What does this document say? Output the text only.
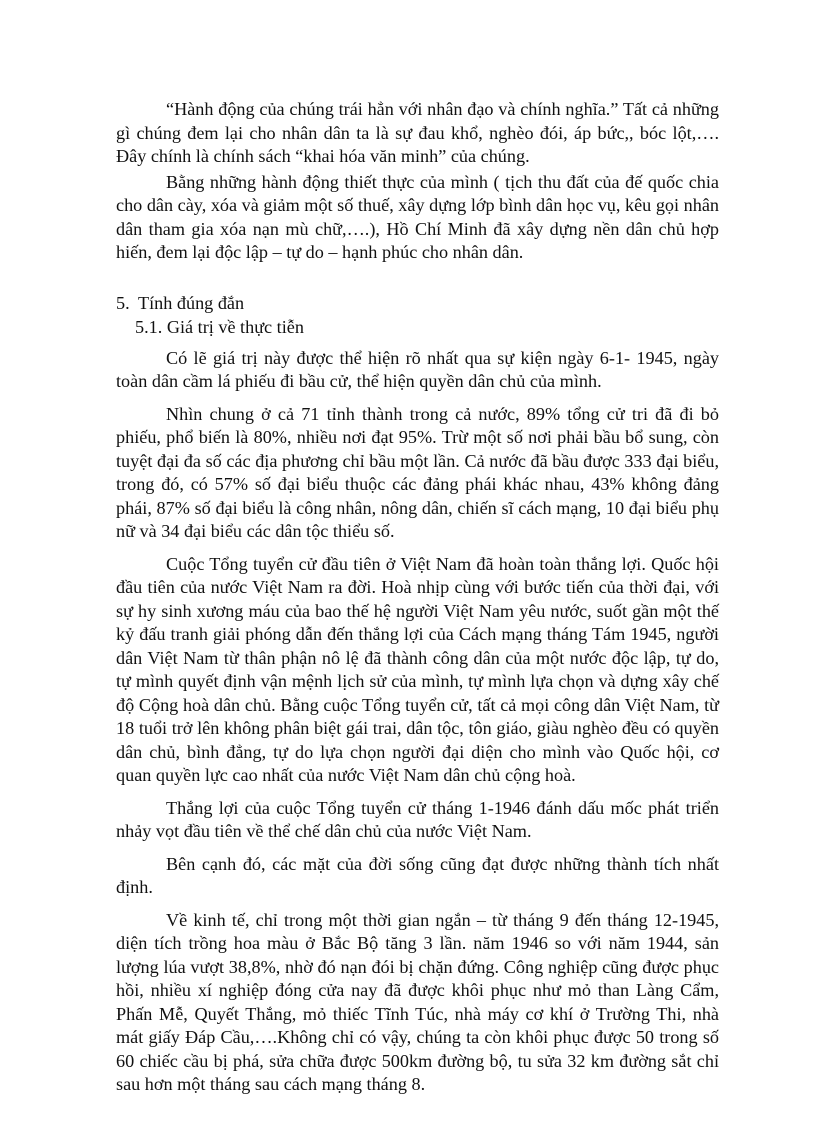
“Hành động của chúng trái hẳn với nhân đạo và chính nghĩa.” Tất cả những gì chúng đem lại cho nhân dân ta là sự đau khổ, nghèo đói, áp bức,, bóc lột,…. Đây chính là chính sách “khai hóa văn minh” của chúng.

Bằng những hành động thiết thực của mình ( tịch thu đất của đế quốc chia cho dân cày, xóa và giảm một số thuế, xây dựng lớp bình dân học vụ, kêu gọi nhân dân tham gia xóa nạn mù chữ,….), Hồ Chí Minh đã xây dựng nền dân chủ hợp hiến, đem lại độc lập – tự do – hạnh phúc cho nhân dân.

5. Tính đúng đắn

5.1. Giá trị về thực tiễn

Có lẽ giá trị này được thể hiện rõ nhất qua sự kiện ngày 6-1- 1945, ngày toàn dân cầm lá phiếu đi bầu cử, thể hiện quyền dân chủ của mình.

Nhìn chung ở cả 71 tỉnh thành trong cả nước, 89% tổng cử tri đã đi bỏ phiếu, phổ biến là 80%, nhiều nơi đạt 95%. Trừ một số nơi phải bầu bổ sung, còn tuyệt đại đa số các địa phương chỉ bầu một lần. Cả nước đã bầu được 333 đại biểu, trong đó, có 57% số đại biểu thuộc các đảng phái khác nhau, 43% không đảng phái, 87% số đại biểu là công nhân, nông dân, chiến sĩ cách mạng, 10 đại biểu phụ nữ và 34 đại biểu các dân tộc thiểu số.

Cuộc Tổng tuyển cử đầu tiên ở Việt Nam đã hoàn toàn thắng lợi. Quốc hội đầu tiên của nước Việt Nam ra đời. Hoà nhịp cùng với bước tiến của thời đại, với sự hy sinh xương máu của bao thế hệ người Việt Nam yêu nước, suốt gần một thế kỷ đấu tranh giải phóng dẫn đến thắng lợi của Cách mạng tháng Tám 1945, người dân Việt Nam từ thân phận nô lệ đã thành công dân của một nước độc lập, tự do, tự mình quyết định vận mệnh lịch sử của mình, tự mình lựa chọn và dựng xây chế độ Cộng hoà dân chủ. Bằng cuộc Tổng tuyển cử, tất cả mọi công dân Việt Nam, từ 18 tuổi trở lên không phân biệt gái trai, dân tộc, tôn giáo, giàu nghèo đều có quyền dân chủ, bình đẳng, tự do lựa chọn người đại diện cho mình vào Quốc hội, cơ quan quyền lực cao nhất của nước Việt Nam dân chủ cộng hoà.

Thắng lợi của cuộc Tổng tuyển cử tháng 1-1946 đánh dấu mốc phát triển nhảy vọt đầu tiên về thể chế dân chủ của nước Việt Nam.

Bên cạnh đó, các mặt của đời sống cũng đạt được những thành tích nhất định.

Về kinh tế, chỉ trong một thời gian ngắn – từ tháng 9 đến tháng 12-1945, diện tích trồng hoa màu ở Bắc Bộ tăng 3 lần. năm 1946 so với năm 1944, sản lượng lúa vượt 38,8%, nhờ đó nạn đói bị chặn đứng. Công nghiệp cũng được phục hồi, nhiều xí nghiệp đóng cửa nay đã được khôi phục như mỏ than Làng Cẩm, Phấn Mễ, Quyết Thắng, mỏ thiếc Tĩnh Túc, nhà máy cơ khí ở Trường Thi, nhà mát giấy Đáp Cầu,….Không chỉ có vậy, chúng ta còn khôi phục được 50 trong số 60 chiếc cầu bị phá, sửa chữa được 500km đường bộ, tu sửa 32 km đường sắt chỉ sau hơn một tháng sau cách mạng tháng 8.
